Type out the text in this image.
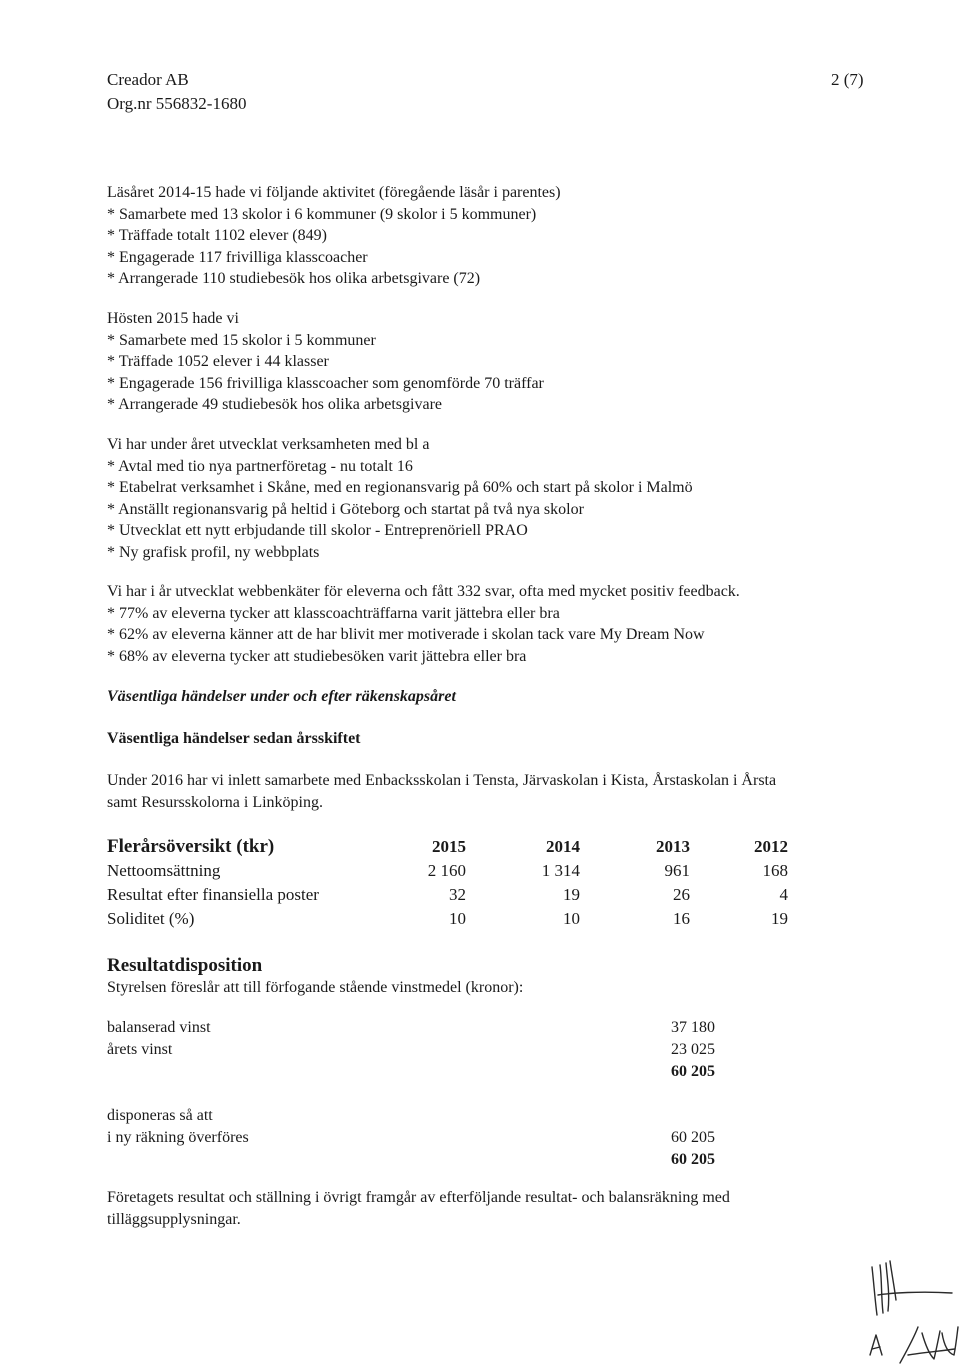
Creador AB
Org.nr 556832-1680
2 (7)
Läsåret 2014-15 hade vi följande aktivitet (föregående läsår i parentes)
* Samarbete med 13 skolor i 6 kommuner (9 skolor i 5 kommuner)
* Träffade totalt 1102 elever (849)
* Engagerade 117 frivilliga klasscoacher
* Arrangerade 110 studiebesök hos olika arbetsgivare (72)
Hösten 2015 hade vi
* Samarbete med 15 skolor i 5 kommuner
* Träffade 1052 elever i 44 klasser
* Engagerade 156 frivilliga klasscoacher som genomförde 70 träffar
* Arrangerade 49 studiebesök hos olika arbetsgivare
Vi har under året utvecklat verksamheten med bl a
* Avtal med tio nya partnerföretag - nu totalt 16
* Etabelrat verksamhet i Skåne, med en regionansvarig på 60% och start på skolor i Malmö
* Anställt regionansvarig på heltid i Göteborg och startat på två nya skolor
* Utvecklat ett nytt erbjudande till skolor - Entreprenöriell PRAO
* Ny grafisk profil, ny webbplats
Vi har i år utvecklat webbenkäter för eleverna och fått 332 svar, ofta med mycket positiv feedback.
* 77% av eleverna tycker att klasscoachträffarna varit jättebra eller bra
* 62% av eleverna känner att de har blivit mer motiverade i skolan tack vare My Dream Now
* 68% av eleverna tycker att studiebesöken varit jättebra eller bra
Väsentliga händelser under och efter räkenskapsåret
Väsentliga händelser sedan årsskiftet
Under 2016 har vi inlett samarbete med Enbacksskolan i Tensta, Järvaskolan i Kista, Årstaskolan i Årsta
samt Resursskolorna i Linköping.
Flerårsöversikt (tkr)	2015	2014	2013	2012
Nettoomsättning	2 160	1 314	961	168
Resultat efter finansiella poster	32	19	26	4
Soliditet (%)	10	10	16	19
Resultatdisposition
Styrelsen föreslår att till förfogande stående vinstmedel (kronor):
balanserad vinst	37 180
årets vinst	23 025
	60 205

disponeras så att	
i ny räkning överföres	60 205
	60 205
Företagets resultat och ställning i övrigt framgår av efterföljande resultat- och balansräkning med
tilläggsupplysningar.
